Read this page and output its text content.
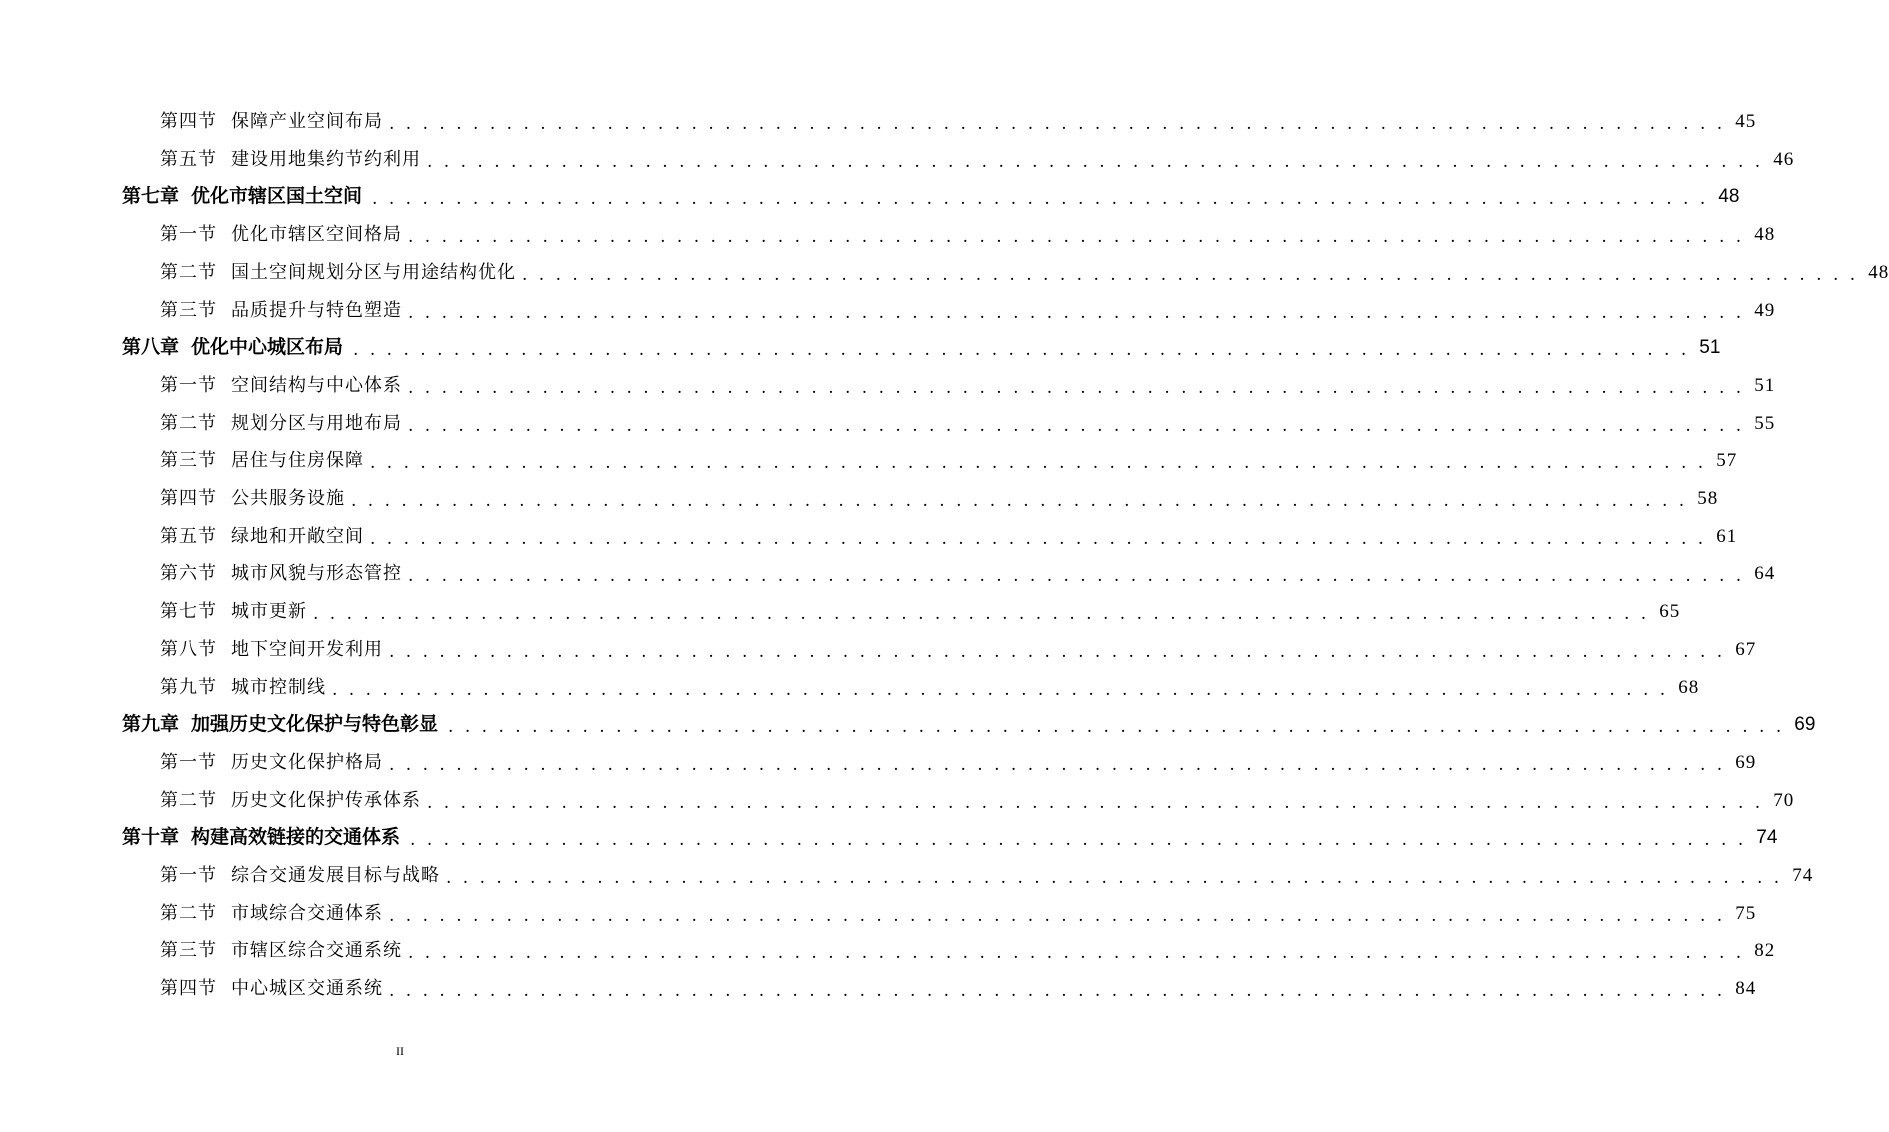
第四节 保障产业空间布局 . . . . . . . . . . . . . . . . . . . . . . . . . . . . . . . . . . . . . . . . . . . . . . . . . . . . . . . . . . . . . . . . . . . . . . . . . . . . . . . . 45
第五节 建设用地集约节约利用 . . . . . . . . . . . . . . . . . . . . . . . . . . . . . . . . . . . . . . . . . . . . . . . . . . . . . . . . . . . . . . . . . . . . . . . . . . . . . . . . 46
第七章 优化市辖区国土空间 . . . . . . . . . . . . . . . . . . . . . . . . . . . . . . . . . . . . . . . . . . . . . . . . . . . . . . . . . . . . . . . . . . . . . . . . . . . . . . . . 48
第一节 优化市辖区空间格局 . . . . . . . . . . . . . . . . . . . . . . . . . . . . . . . . . . . . . . . . . . . . . . . . . . . . . . . . . . . . . . . . . . . . . . . . . . . . . . . . 48
第二节 国土空间规划分区与用途结构优化 . . . . . . . . . . . . . . . . . . . . . . . . . . . . . . . . . . . . . . . . . . . . . . . . . . . . . . . . . . . . . . . . . . . . . . . . . . . . . . . . 48
第三节 品质提升与特色塑造 . . . . . . . . . . . . . . . . . . . . . . . . . . . . . . . . . . . . . . . . . . . . . . . . . . . . . . . . . . . . . . . . . . . . . . . . . . . . . . . . 49
第八章 优化中心城区布局 . . . . . . . . . . . . . . . . . . . . . . . . . . . . . . . . . . . . . . . . . . . . . . . . . . . . . . . . . . . . . . . . . . . . . . . . . . . . . . . . 51
第一节 空间结构与中心体系 . . . . . . . . . . . . . . . . . . . . . . . . . . . . . . . . . . . . . . . . . . . . . . . . . . . . . . . . . . . . . . . . . . . . . . . . . . . . . . . . 51
第二节 规划分区与用地布局 . . . . . . . . . . . . . . . . . . . . . . . . . . . . . . . . . . . . . . . . . . . . . . . . . . . . . . . . . . . . . . . . . . . . . . . . . . . . . . . . 55
第三节 居住与住房保障 . . . . . . . . . . . . . . . . . . . . . . . . . . . . . . . . . . . . . . . . . . . . . . . . . . . . . . . . . . . . . . . . . . . . . . . . . . . . . . . . 57
第四节 公共服务设施 . . . . . . . . . . . . . . . . . . . . . . . . . . . . . . . . . . . . . . . . . . . . . . . . . . . . . . . . . . . . . . . . . . . . . . . . . . . . . . . . 58
第五节 绿地和开敞空间 . . . . . . . . . . . . . . . . . . . . . . . . . . . . . . . . . . . . . . . . . . . . . . . . . . . . . . . . . . . . . . . . . . . . . . . . . . . . . . . . 61
第六节 城市风貌与形态管控 . . . . . . . . . . . . . . . . . . . . . . . . . . . . . . . . . . . . . . . . . . . . . . . . . . . . . . . . . . . . . . . . . . . . . . . . . . . . . . . . 64
第七节 城市更新 . . . . . . . . . . . . . . . . . . . . . . . . . . . . . . . . . . . . . . . . . . . . . . . . . . . . . . . . . . . . . . . . . . . . . . . . . . . . . . . . 65
第八节 地下空间开发利用 . . . . . . . . . . . . . . . . . . . . . . . . . . . . . . . . . . . . . . . . . . . . . . . . . . . . . . . . . . . . . . . . . . . . . . . . . . . . . . . . 67
第九节 城市控制线 . . . . . . . . . . . . . . . . . . . . . . . . . . . . . . . . . . . . . . . . . . . . . . . . . . . . . . . . . . . . . . . . . . . . . . . . . . . . . . . . 68
第九章 加强历史文化保护与特色彰显 . . . . . . . . . . . . . . . . . . . . . . . . . . . . . . . . . . . . . . . . . . . . . . . . . . . . . . . . . . . . . . . . . . . . . . . . . . . . . . . . 69
第一节 历史文化保护格局 . . . . . . . . . . . . . . . . . . . . . . . . . . . . . . . . . . . . . . . . . . . . . . . . . . . . . . . . . . . . . . . . . . . . . . . . . . . . . . . . 69
第二节 历史文化保护传承体系 . . . . . . . . . . . . . . . . . . . . . . . . . . . . . . . . . . . . . . . . . . . . . . . . . . . . . . . . . . . . . . . . . . . . . . . . . . . . . . . . 70
第十章 构建高效链接的交通体系 . . . . . . . . . . . . . . . . . . . . . . . . . . . . . . . . . . . . . . . . . . . . . . . . . . . . . . . . . . . . . . . . . . . . . . . . . . . . . . . . 74
第一节 综合交通发展目标与战略 . . . . . . . . . . . . . . . . . . . . . . . . . . . . . . . . . . . . . . . . . . . . . . . . . . . . . . . . . . . . . . . . . . . . . . . . . . . . . . . . 74
第二节 市域综合交通体系 . . . . . . . . . . . . . . . . . . . . . . . . . . . . . . . . . . . . . . . . . . . . . . . . . . . . . . . . . . . . . . . . . . . . . . . . . . . . . . . . 75
第三节 市辖区综合交通系统 . . . . . . . . . . . . . . . . . . . . . . . . . . . . . . . . . . . . . . . . . . . . . . . . . . . . . . . . . . . . . . . . . . . . . . . . . . . . . . . . 82
第四节 中心城区交通系统 . . . . . . . . . . . . . . . . . . . . . . . . . . . . . . . . . . . . . . . . . . . . . . . . . . . . . . . . . . . . . . . . . . . . . . . . . . . . . . . . 84
II
